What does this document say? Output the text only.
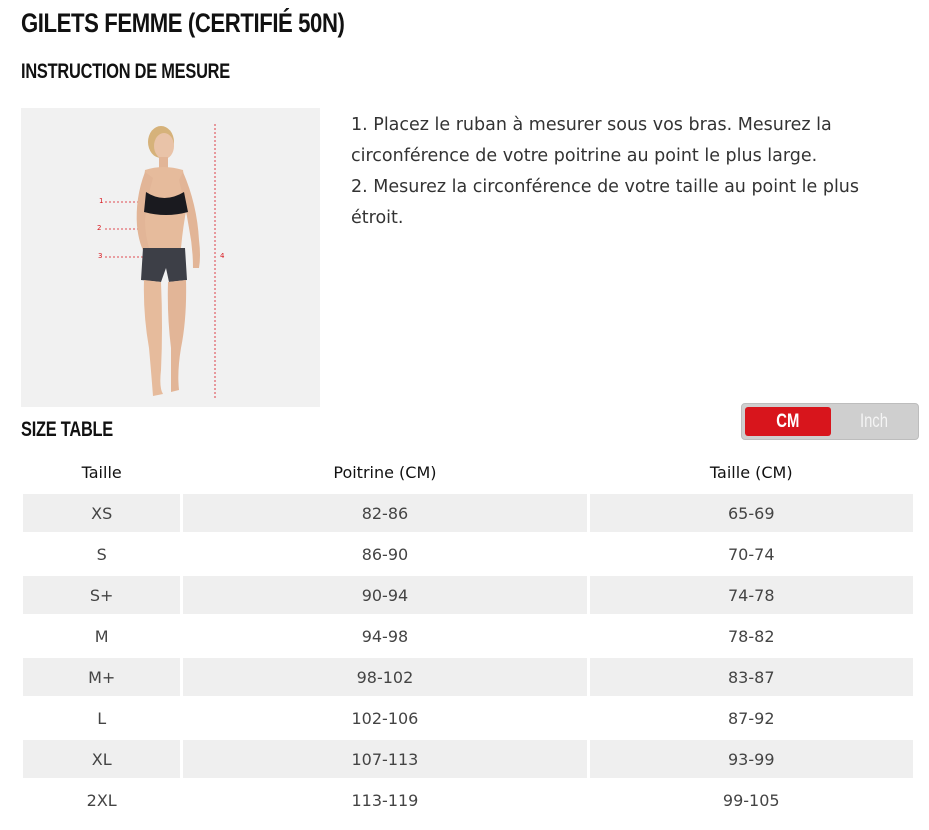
GILETS FEMME (CERTIFIÉ 50N)
INSTRUCTION DE MESURE
1
2
3	4

1. Placez le ruban à mesurer sous vos bras. Mesurez la circonférence de votre poitrine au point le plus large.

2. Mesurez la circonférence de votre taille au point le plus étroit.

SIZE TABLE	CM	Inch
Taille	Poitrine (CM)	Taille (CM)
XS	82-86	65-69
S	86-90	70-74
S+	90-94	74-78
M	94-98	78-82
M+	98-102	83-87
L	102-106	87-92
XL	107-113	93-99
2XL	113-119	99-105
